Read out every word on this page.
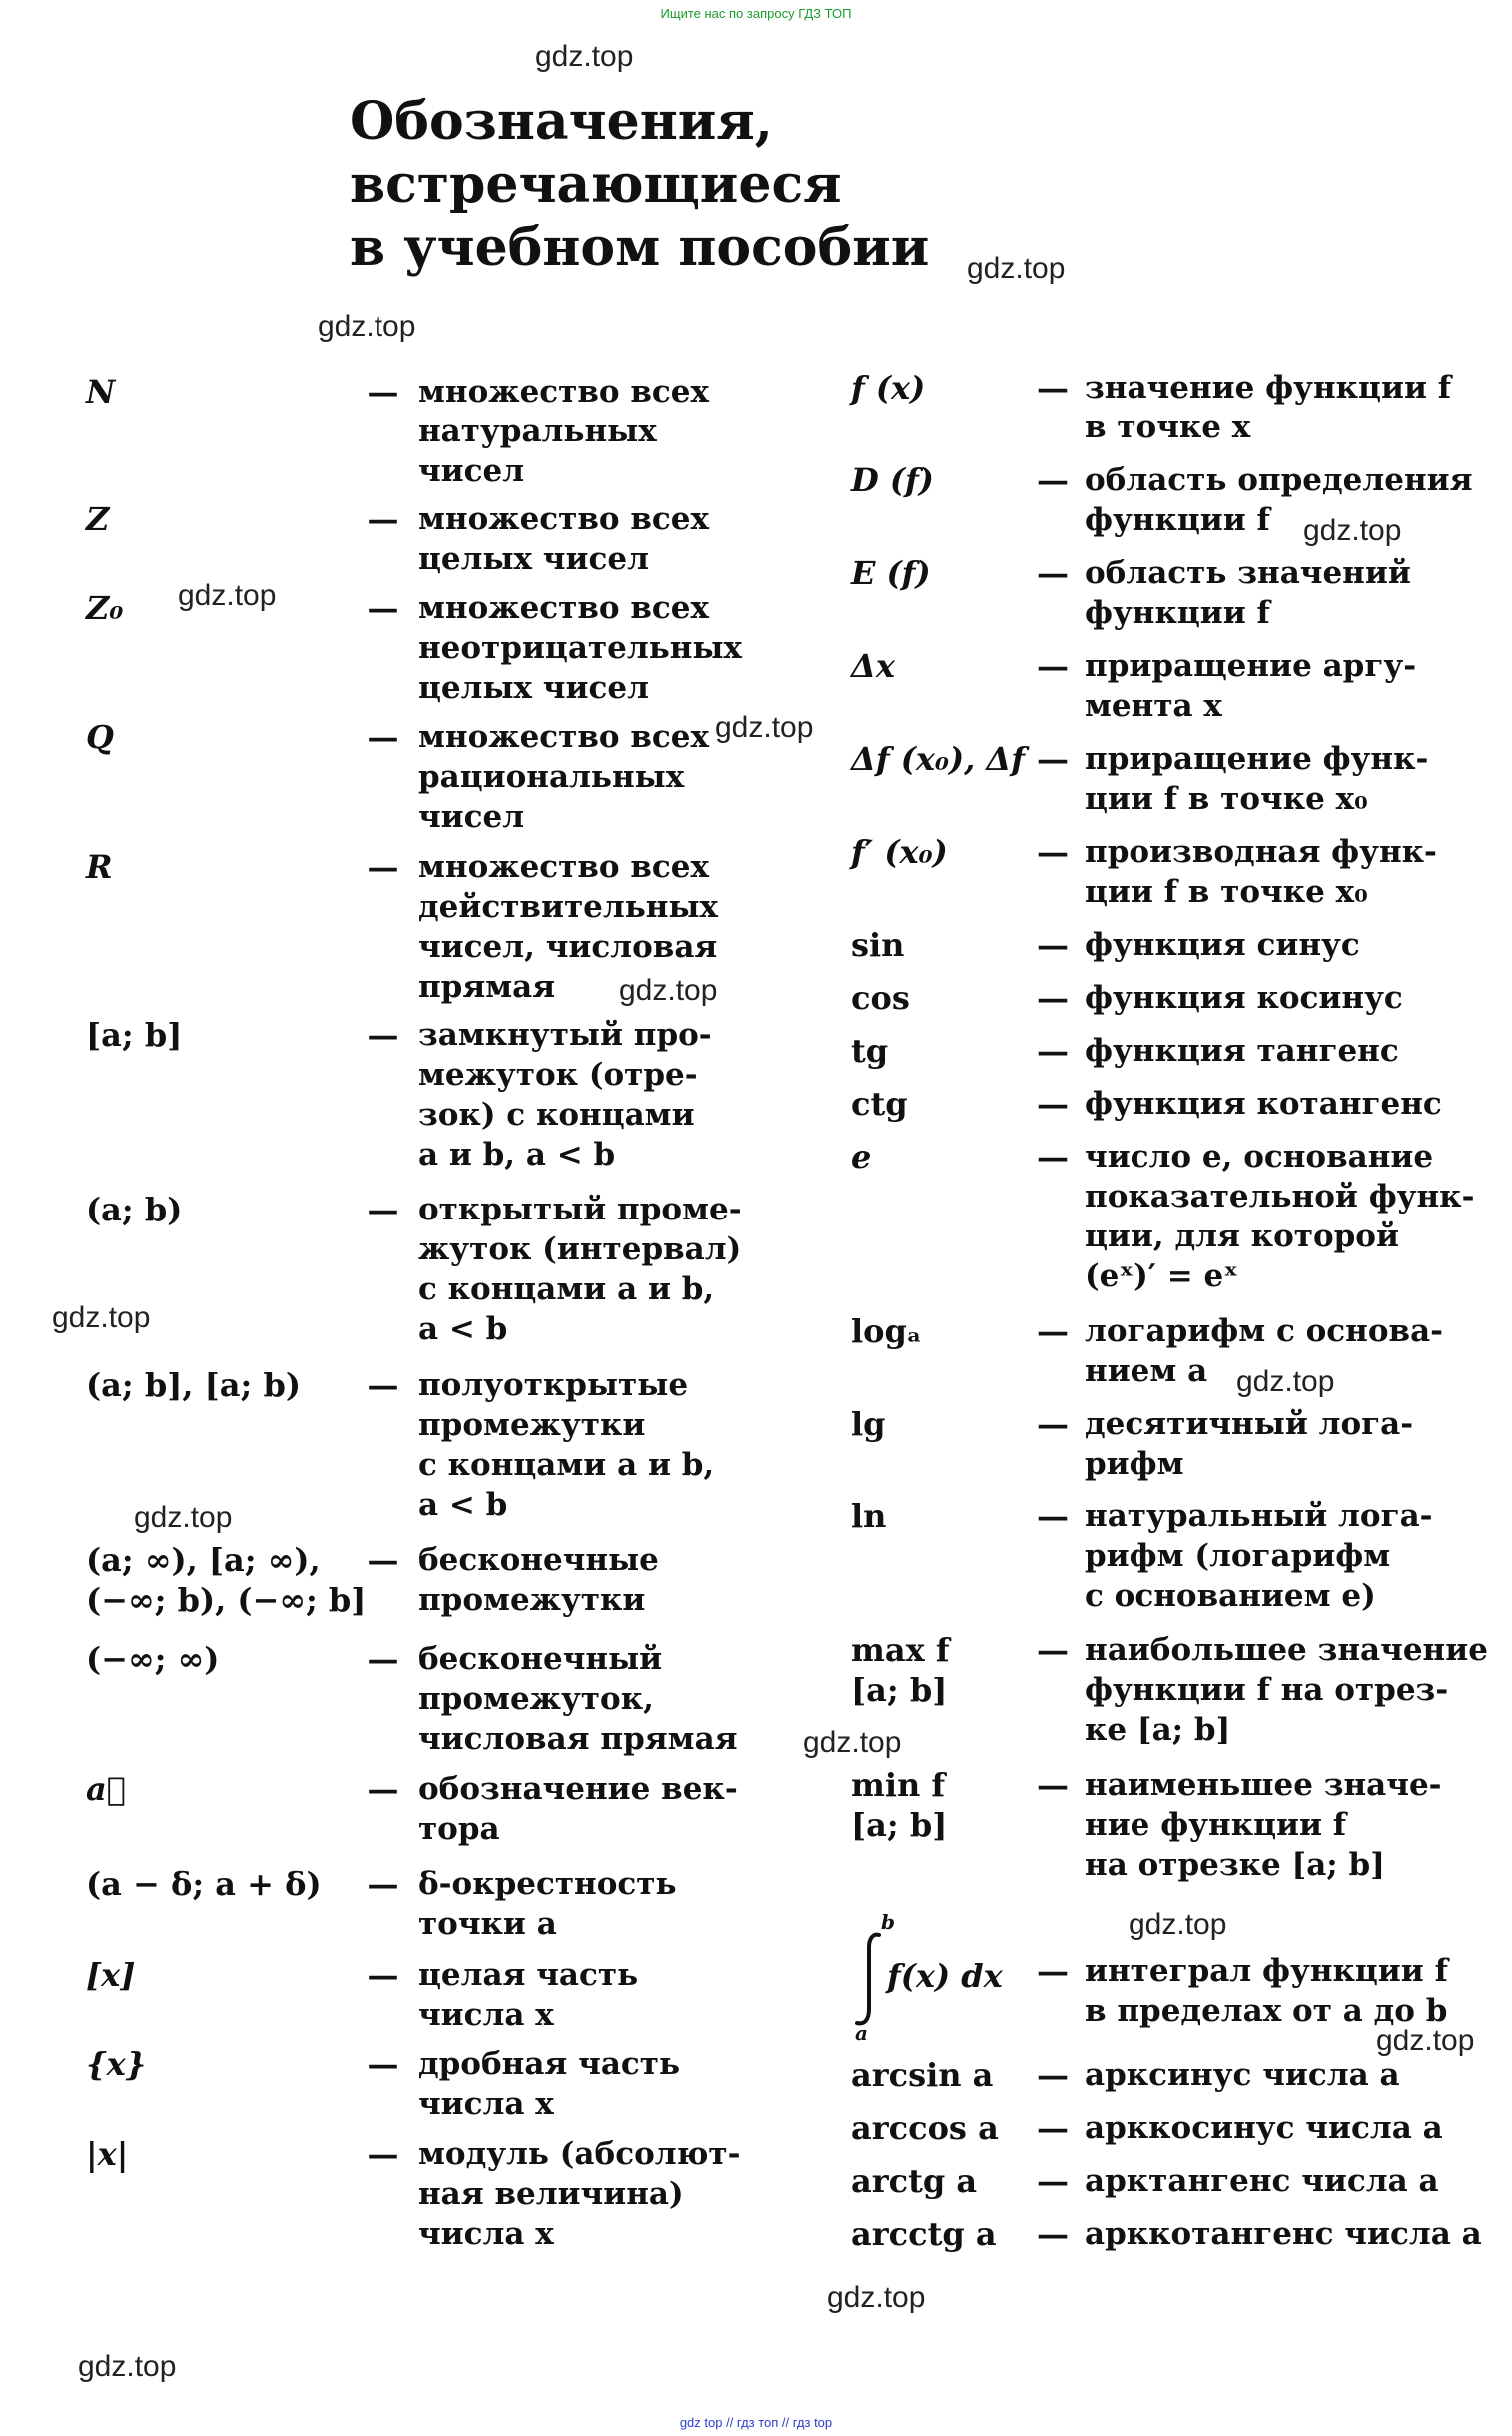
Ищите нас по запросу ГДЗ ТОП
Обозначения,
встречающиеся
в учебном пособии
N	— множество всех
натуральных
чисел
Z	— множество всех
целых чисел
Z₀	— множество всех
неотрицательных
целых чисел
Q	— множество всех
рациональных
чисел
R	— множество всех
действительных
чисел, числовая
прямая
[a; b]	— замкнутый про-
межуток (отре-
зок) с концами
a и b, a < b
(a; b)	— открытый проме-
жуток (интервал)
с концами a и b,
a < b
(a; b], [a; b)	— полуоткрытые
промежутки
с концами a и b,
a < b
(a; ∞), [a; ∞),
(−∞; b), (−∞; b]
— бесконечные
промежутки
(−∞; ∞)	— бесконечный
промежуток,
числовая прямая
a⃗	— обозначение век-
тора
(a − δ; a + δ)	— δ-окрестность
точки a
[x]	— целая часть
числа x
{x}	— дробная часть
числа x
|x|	— модуль (абсолют-
ная величина)
числа x
f (x)	— значение функции f
в точке x
D (f)	— область определения
функции f
E (f)	— область значений
функции f
Δx	— приращение аргу-
мента x
Δf (x₀), Δf — приращение функ-
ции f в точке x₀
f′ (x₀)	— производная функ-
ции f в точке x₀
sin	— функция синус
cos	— функция косинус
tg	— функция тангенс
ctg	— функция котангенс
e	— число e, основание
показательной функ-
ции, для которой
(eˣ)′ = eˣ
logₐ	— логарифм с основа-
нием a
lg	— десятичный лога-
рифм
ln	— натуральный лога-
рифм (логарифм
с основанием e)
max f
[a; b]
— наибольшее значение
функции f на отрез-
ке [a; b]
min f
[a; b]
— наименьшее значе-
ние функции f
на отрезке [a; b]

b
a
f(x) dx — интеграл функции f
в пределах от a до b
arcsin a	— арксинус числа a
arccos a	— арккосинус числа a
arctg a	— арктангенс числа a
arcctg a	— арккотангенс числа a
gdz.top
gdz.top
gdz.top
gdz.top
gdz.top
gdz.top
gdz.top
gdz.top
gdz.top
gdz.top
gdz.top
gdz.top
gdz.top
gdz.top
gdz.top
gdz top // гдз топ // гдз top
